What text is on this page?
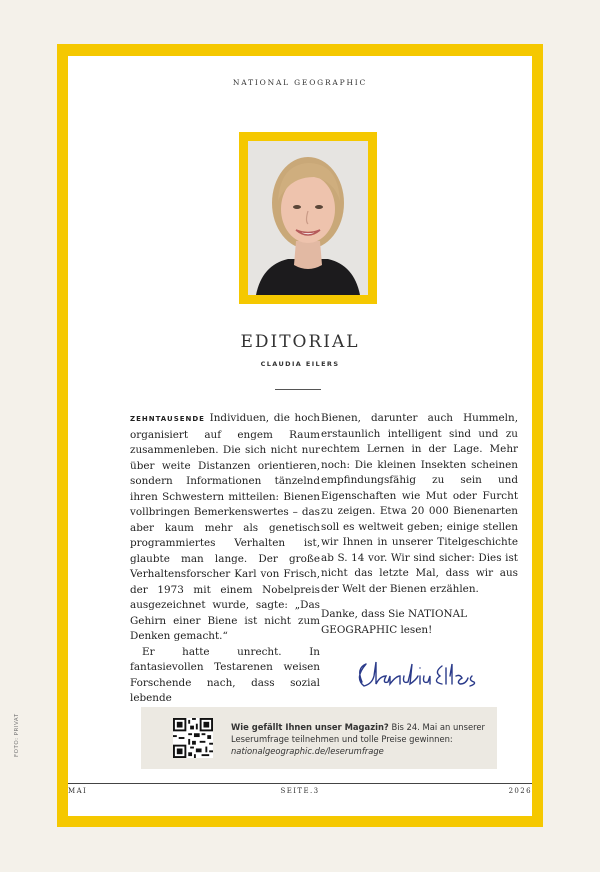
FOTO: PRIVAT
NATIONAL GEOGRAPHIC
EDITORIAL
CLAUDIA EILERS

ZEHNTAUSENDE Individuen, die hoch organisiert auf engem Raum zusammenleben. Die sich nicht nur über weite Distanzen orientieren, sondern Informationen tänzelnd ihren Schwestern mitteilen: Bienen vollbringen Bemerkenswertes – das aber kaum mehr als genetisch programmiertes Verhalten ist, glaubte man lange. Der große Verhaltensforscher Karl von Frisch, der 1973 mit einem Nobelpreis ausgezeichnet wurde, sagte: „Das Gehirn einer Biene ist nicht zum Denken gemacht.“

Er hatte unrecht. In fantasievollen Testarenen weisen Forschende nach, dass sozial lebende

Bienen, darunter auch Hummeln, erstaunlich intelligent sind und zu echtem Lernen in der Lage. Mehr noch: Die kleinen Insekten scheinen empfindungsfähig zu sein und Eigenschaften wie Mut oder Furcht zu zeigen. Etwa 20 000 Bienenarten soll es weltweit geben; einige stellen wir Ihnen in unserer Titelgeschichte ab S. 14 vor. Wir sind sicher: Dies ist nicht das letzte Mal, dass wir aus der Welt der Bienen erzählen.

Danke, dass Sie NATIONAL GEOGRAPHIC lesen!

Wie gefällt Ihnen unser Magazin? Bis 24. Mai an unserer Leserumfrage teilnehmen und tolle Preise gewinnen: nationalgeographic.de/leserumfrage
MAI	SEITE.3	2026
